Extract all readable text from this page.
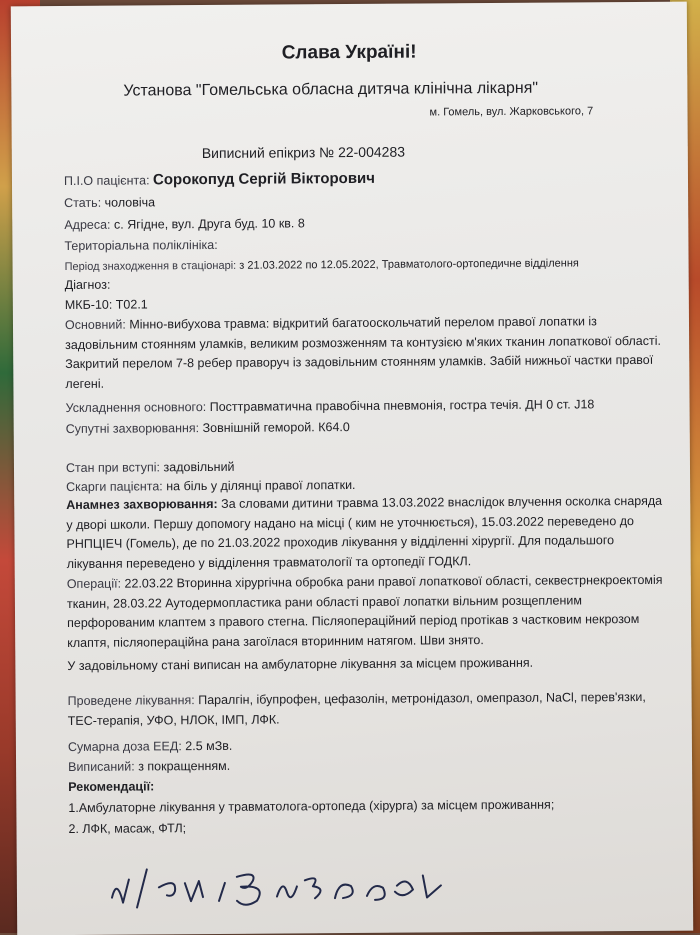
Слава Україні!
Установа "Гомельська обласна дитяча клінічна лікарня"
м. Гомель, вул. Жарковського, 7
Виписний епікриз № 22-004283
П.І.О пацієнта: Сорокопуд Сергій Вікторович
Стать: чоловіча
Адреса: с. Ягідне, вул. Друга буд. 10 кв. 8
Територіальна поліклініка:
Період знаходження в стаціонарі: з 21.03.2022 по 12.05.2022, Травматолого-ортопедичне відділення
Діагноз:
МКБ-10: Т02.1
Основний: Мінно-вибухова травма: відкритий багатооскольчатий перелом правої лопатки із задовільним стоянням уламків, великим розмозженням та контузією м'яких тканин лопаткової області. Закритий перелом 7-8 ребер праворуч із задовільним стоянням уламків. Забій нижньої частки правої легені.
Ускладнення основного: Посттравматична правобічна пневмонія, гостра течія. ДН 0 ст. J18
Супутні захворювання: Зовнішній геморой. К64.0
Стан при вступі: задовільний
Скарги пацієнта: на біль у ділянці правої лопатки.
Анамнез захворювання: За словами дитини травма 13.03.2022 внаслідок влучення осколка снаряда у дворі школи. Першу допомогу надано на місці ( ким не уточнюється), 15.03.2022 переведено до РНПЦІЕЧ (Гомель), де по 21.03.2022 проходив лікування у відділенні хірургії. Для подальшого лікування переведено у відділення травматології та ортопедії ГОДКЛ.
Операції: 22.03.22 Вторинна хірургічна обробка рани правої лопаткової області, секвестрнекроектомія тканин, 28.03.22 Аутодермопластика рани області правої лопатки вільним розщепленим перфорованим клаптем з правого стегна. Післяопераційний період протікав з частковим некрозом клаптя, післяопераційна рана загоїлася вторинним натягом. Шви знято.
У задовільному стані виписан на амбулаторне лікування за місцем проживання.
Проведене лікування: Паралгін, ібупрофен, цефазолін, метронідазол, омепразол, NaCl, перев'язки, ТЕС-терапія, УФО, НЛОК, ІМП, ЛФК.
Сумарна доза ЕЕД: 2.5 мЗв.
Виписаний: з покращенням.
Рекомендації:
1.Амбулаторне лікування у травматолога-ортопеда (хірурга) за місцем проживання;
2. ЛФК, масаж, ФТЛ;
